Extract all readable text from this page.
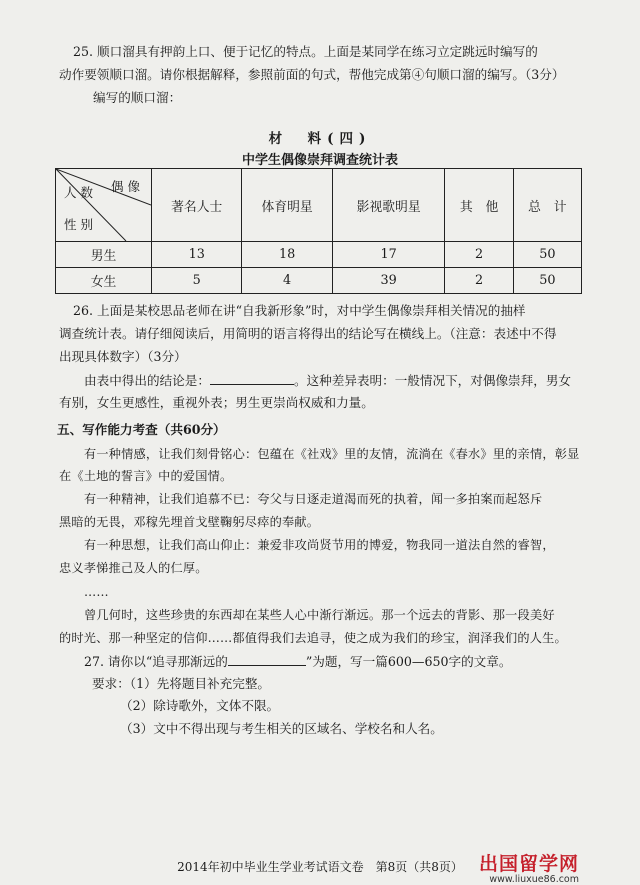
25. 顺口溜具有押韵上口、便于记忆的特点。上面是某同学在练习立定跳远时编写的
动作要领顺口溜。请你根据解释，参照前面的句式，帮他完成第④句顺口溜的编写。（3分）
编写的顺口溜：
材　料(四)
中学生偶像崇拜调查统计表
偶 像
人 数
性 别	著名人士	体育明星	影视歌明星	其　他	总　计
男生	13	18	17	2	50
女生	5	4	39	2	50
26. 上面是某校思品老师在讲“自我新形象”时，对中学生偶像崇拜相关情况的抽样
调查统计表。请仔细阅读后，用简明的语言将得出的结论写在横线上。（注意：表述中不得
出现具体数字）（3分）
由表中得出的结论是：	。这种差异表明：一般情况下，对偶像崇拜，男女
有别，女生更感性，重视外表；男生更崇尚权威和力量。
五、写作能力考查（共60分）
有一种情感，让我们刻骨铭心：包蕴在《社戏》里的友情，流淌在《春水》里的亲情，彰显
在《土地的誓言》中的爱国情。
有一种精神，让我们追慕不已：夸父与日逐走道渴而死的执着，闻一多拍案而起怒斥
黑暗的无畏，邓稼先埋首戈壁鞠躬尽瘁的奉献。
有一种思想，让我们高山仰止：兼爱非攻尚贤节用的博爱，物我同一道法自然的睿智，
忠义孝悌推己及人的仁厚。
……
曾几何时，这些珍贵的东西却在某些人心中渐行渐远。那一个远去的背影、那一段美好
的时光、那一种坚定的信仰……都值得我们去追寻，使之成为我们的珍宝，润泽我们的人生。
27. 请你以“追寻那渐远的	”为题，写一篇600—650字的文章。
要求：（1）先将题目补充完整。
（2）除诗歌外，文体不限。
（3）文中不得出现与考生相关的区域名、学校名和人名。
2014年初中毕业生学业考试语文卷　第8页（共8页） 出国留学网
www.liuxue86.com
